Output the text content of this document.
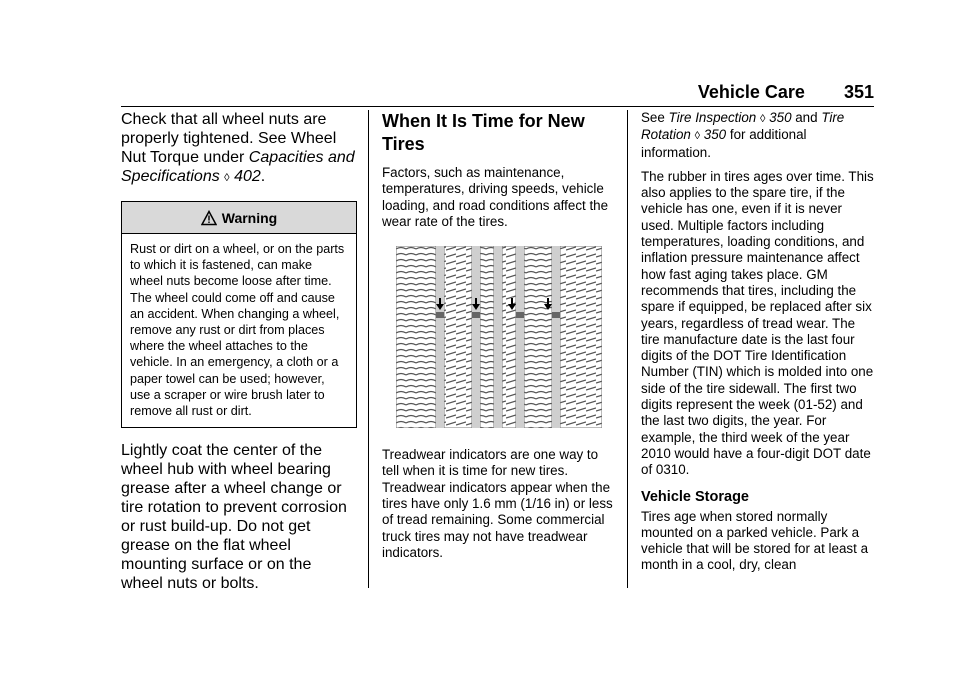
Vehicle Care 351

Check that all wheel nuts are properly tightened. See Wheel Nut Torque under Capacities and Specifications ◊ 402.

Warning
Rust or dirt on a wheel, or on the parts to which it is fastened, can make wheel nuts become loose after time. The wheel could come off and cause an accident. When changing a wheel, remove any rust or dirt from places where the wheel attaches to the vehicle. In an emergency, a cloth or a paper towel can be used; however, use a scraper or wire brush later to remove all rust or dirt.

Lightly coat the center of the wheel hub with wheel bearing grease after a wheel change or tire rotation to prevent corrosion or rust build-up. Do not get grease on the flat wheel mounting surface or on the wheel nuts or bolts.

When It Is Time for New Tires

Factors, such as maintenance, temperatures, driving speeds, vehicle loading, and road conditions affect the wear rate of the tires.

Treadwear indicators are one way to tell when it is time for new tires. Treadwear indicators appear when the tires have only 1.6 mm (1/16 in) or less of tread remaining. Some commercial truck tires may not have treadwear indicators.

See Tire Inspection ◊ 350 and Tire Rotation ◊ 350 for additional information.

The rubber in tires ages over time. This also applies to the spare tire, if the vehicle has one, even if it is never used. Multiple factors including temperatures, loading conditions, and inflation pressure maintenance affect how fast aging takes place. GM recommends that tires, including the spare if equipped, be replaced after six years, regardless of tread wear. The tire manufacture date is the last four digits of the DOT Tire Identification Number (TIN) which is molded into one side of the tire sidewall. The first two digits represent the week (01-52) and the last two digits, the year. For example, the third week of the year 2010 would have a four-digit DOT date of 0310.

Vehicle Storage

Tires age when stored normally mounted on a parked vehicle. Park a vehicle that will be stored for at least a month in a cool, dry, clean
